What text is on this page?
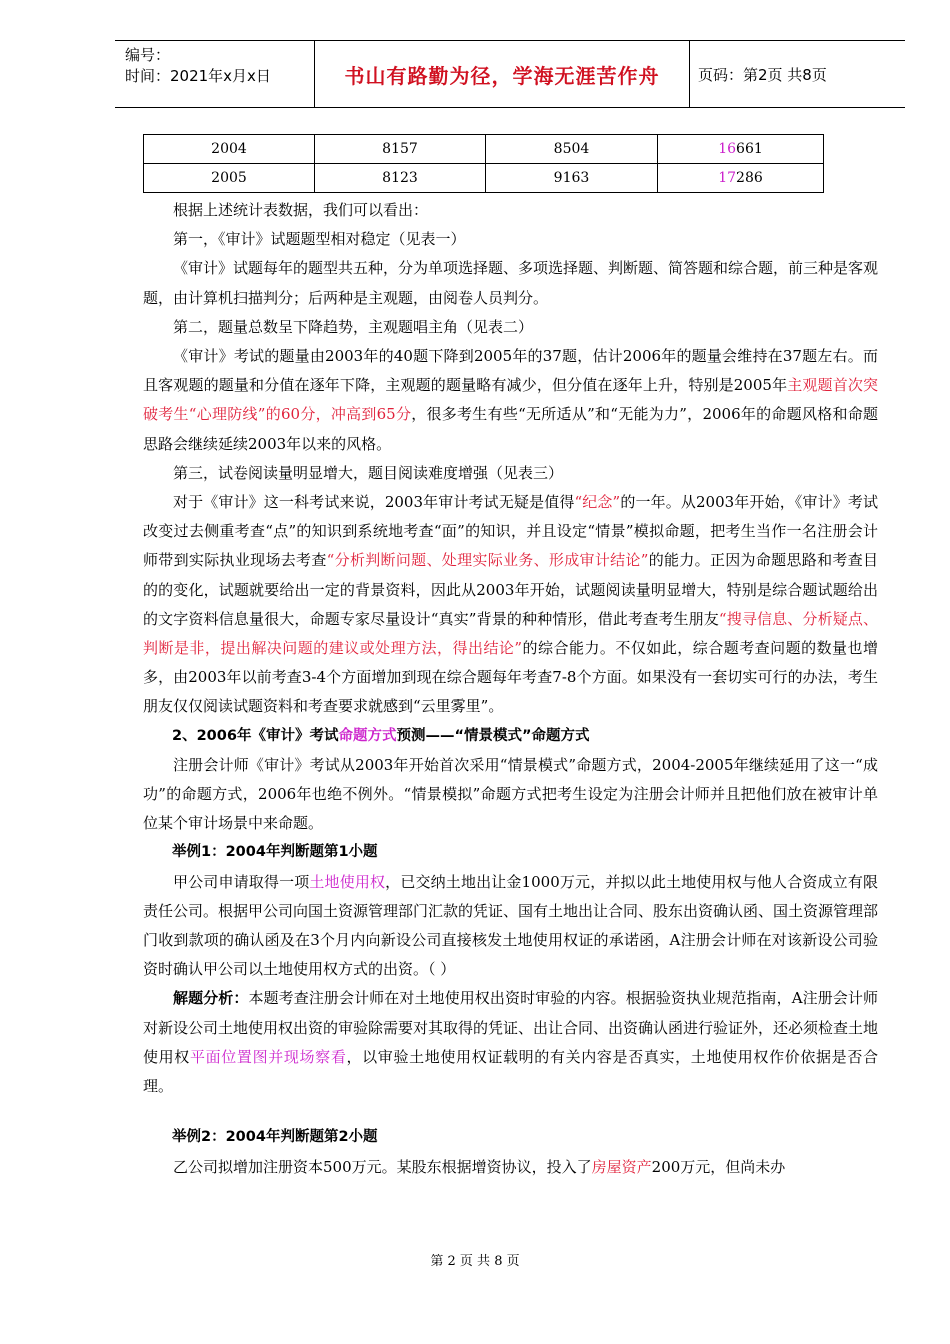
编号：
时间：2021年x月x日	书山有路勤为径，学海无涯苦作舟	页码：第2页 共8页
2004	8157	8504	16661
2005	8123	9163	17286

根据上述统计表数据，我们可以看出：

第一，《审计》试题题型相对稳定（见表一）

《审计》试题每年的题型共五种，分为单项选择题、多项选择题、判断题、简答题和综合题，前三种是客观题，由计算机扫描判分；后两种是主观题，由阅卷人员判分。

第二，题量总数呈下降趋势，主观题唱主角（见表二）

《审计》考试的题量由2003年的40题下降到2005年的37题，估计2006年的题量会维持在37题左右。而且客观题的题量和分值在逐年下降，主观题的题量略有减少，但分值在逐年上升，特别是2005年主观题首次突破考生“心理防线”的60分，冲高到65分，很多考生有些“无所适从”和“无能为力”，2006年的命题风格和命题思路会继续延续2003年以来的风格。

第三，试卷阅读量明显增大，题目阅读难度增强（见表三）

对于《审计》这一科考试来说，2003年审计考试无疑是值得“纪念”的一年。从2003年开始，《审计》考试改变过去侧重考查“点”的知识到系统地考查“面”的知识，并且设定“情景”模拟命题，把考生当作一名注册会计师带到实际执业现场去考查“分析判断问题、处理实际业务、形成审计结论”的能力。正因为命题思路和考查目的的变化，试题就要给出一定的背景资料，因此从2003年开始，试题阅读量明显增大，特别是综合题试题给出的文字资料信息量很大，命题专家尽量设计“真实”背景的种种情形，借此考查考生朋友“搜寻信息、分析疑点、判断是非，提出解决问题的建议或处理方法，得出结论”的综合能力。不仅如此，综合题考查问题的数量也增多，由2003年以前考查3-4个方面增加到现在综合题每年考查7-8个方面。如果没有一套切实可行的办法，考生朋友仅仅阅读试题资料和考查要求就感到“云里雾里”。

2、2006年《审计》考试命题方式预测——“情景模式”命题方式

注册会计师《审计》考试从2003年开始首次采用“情景模式”命题方式，2004-2005年继续延用了这一“成功”的命题方式，2006年也绝不例外。“情景模拟”命题方式把考生设定为注册会计师并且把他们放在被审计单位某个审计场景中来命题。

举例1：2004年判断题第1小题

甲公司申请取得一项土地使用权，已交纳土地出让金1000万元，并拟以此土地使用权与他人合资成立有限责任公司。根据甲公司向国土资源管理部门汇款的凭证、国有土地出让合同、股东出资确认函、国土资源管理部门收到款项的确认函及在3个月内向新设公司直接核发土地使用权证的承诺函，A注册会计师在对该新设公司验资时确认甲公司以土地使用权方式的出资。（ ）

解题分析：本题考查注册会计师在对土地使用权出资时审验的内容。根据验资执业规范指南，A注册会计师对新设公司土地使用权出资的审验除需要对其取得的凭证、出让合同、出资确认函进行验证外，还必须检查土地使用权平面位置图并现场察看，以审验土地使用权证载明的有关内容是否真实，土地使用权作价依据是否合理。

举例2：2004年判断题第2小题

乙公司拟增加注册资本500万元。某股东根据增资协议，投入了房屋资产200万元，但尚未办

第 2 页 共 8 页
